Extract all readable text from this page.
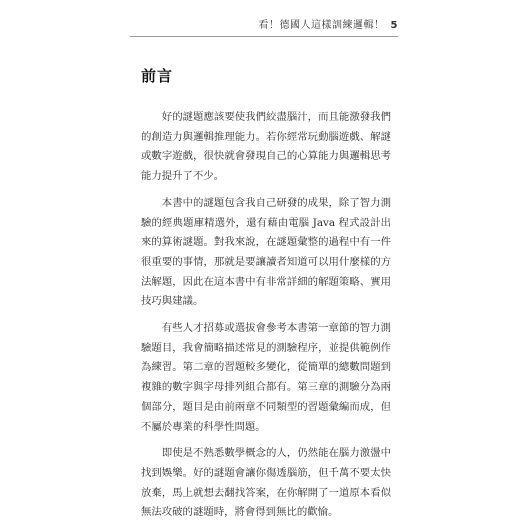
看！德國人這樣訓練邏輯！ 5
前言

好的謎題應該要使我們絞盡腦汁，而且能激發我們的創造力與邏輯推理能力。若你經常玩動腦遊戲、解謎或數字遊戲，很快就會發現自己的心算能力與邏輯思考能力提升了不少。

本書中的謎題包含我自己研發的成果，除了智力測驗的經典題庫精選外，還有藉由電腦 Java 程式設計出來的算術謎題。對我來說，在謎題彙整的過程中有一件很重要的事情，那就是要讓讀者知道可以用什麼樣的方法解題，因此在這本書中有非常詳細的解題策略、實用技巧與建議。

有些人才招募或選拔會參考本書第一章節的智力測驗題目，我會簡略描述常見的測驗程序，並提供範例作為練習。第二章的習題較多變化，從簡單的總數問題到複雜的數字與字母排列組合都有。第三章的測驗分為兩個部分，題目是由前兩章不同類型的習題彙編而成，但不屬於專業的科學性問題。

即使是不熟悉數學概念的人，仍然能在腦力激盪中找到娛樂。好的謎題會讓你傷透腦筋，但千萬不要太快放棄，馬上就想去翻找答案，在你解開了一道原本看似無法攻破的謎題時，將會得到無比的歡愉。
